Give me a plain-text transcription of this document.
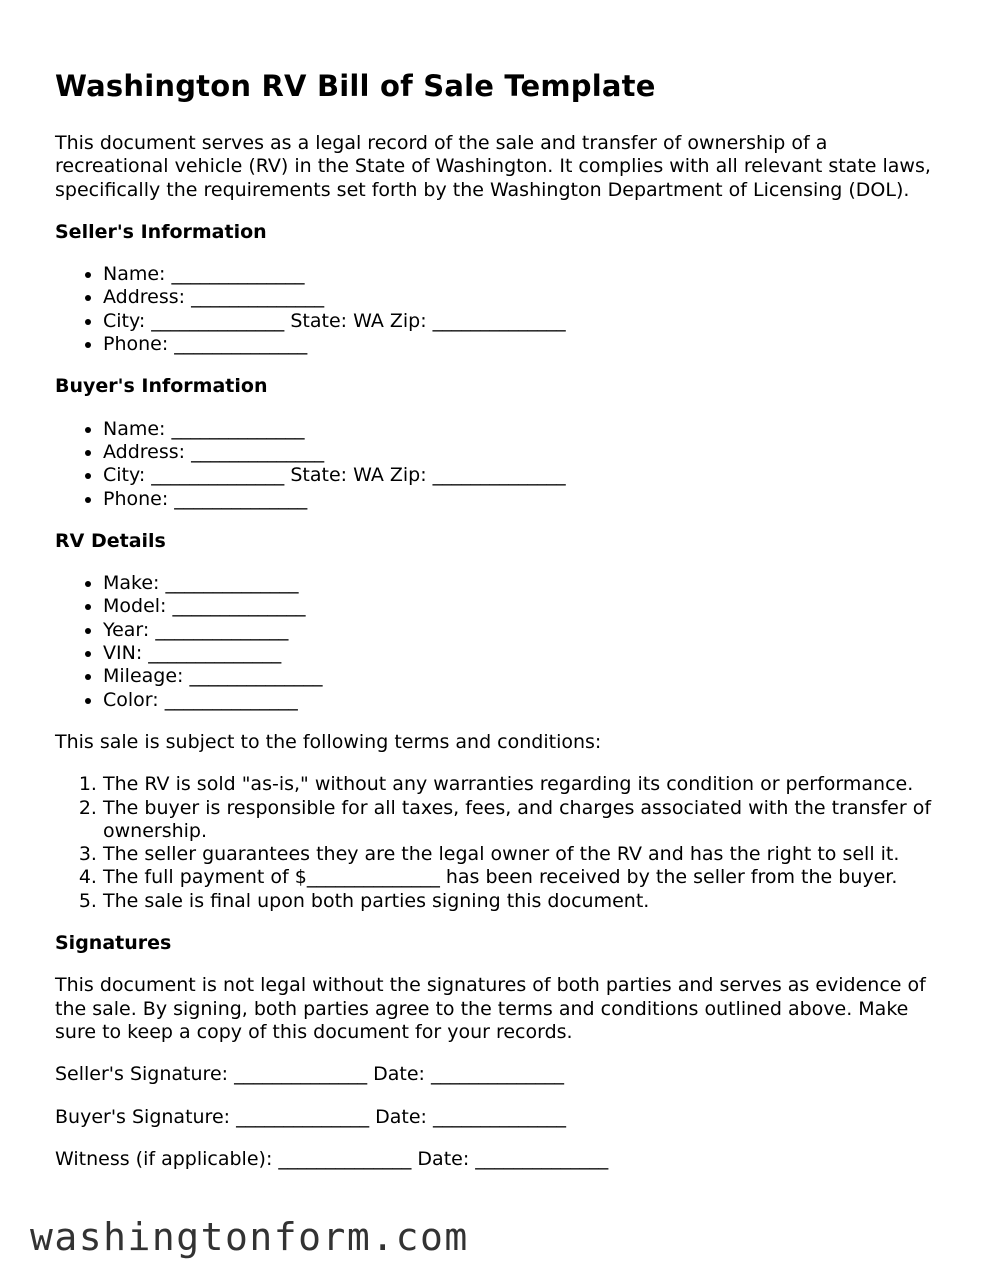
Washington RV Bill of Sale Template

This document serves as a legal record of the sale and transfer of ownership of a recreational vehicle (RV) in the State of Washington. It complies with all relevant state laws, specifically the requirements set forth by the Washington Department of Licensing (DOL).

Seller's Information
• Name: ______________
• Address: ______________
• City: ______________ State: WA Zip: ______________
• Phone: ______________
Buyer's Information
• Name: ______________
• Address: ______________
• City: ______________ State: WA Zip: ______________
• Phone: ______________
RV Details
• Make: ______________
• Model: ______________
• Year: ______________
• VIN: ______________
• Mileage: ______________
• Color: ______________

This sale is subject to the following terms and conditions:

1. The RV is sold "as-is," without any warranties regarding its condition or performance.
2. The buyer is responsible for all taxes, fees, and charges associated with the transfer of ownership.
3. The seller guarantees they are the legal owner of the RV and has the right to sell it.
4. The full payment of $______________ has been received by the seller from the buyer.
5. The sale is final upon both parties signing this document.
Signatures

This document is not legal without the signatures of both parties and serves as evidence of the sale. By signing, both parties agree to the terms and conditions outlined above. Make sure to keep a copy of this document for your records.

Seller's Signature: ______________ Date: ______________
Buyer's Signature: ______________ Date: ______________
Witness (if applicable): ______________ Date: ______________
washingtonform.com
